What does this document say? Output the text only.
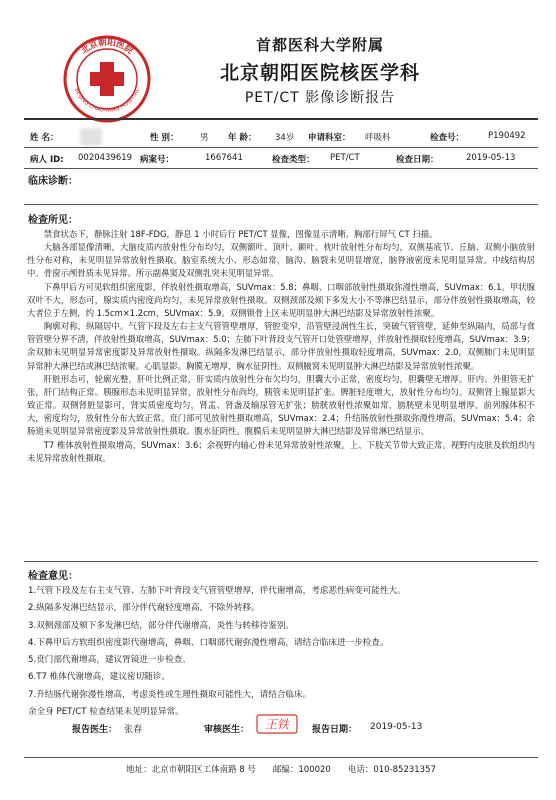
北京朝阳医院
BEIJING CHAO-YANG HOSPITAL
首都医科大学附属
北京朝阳医院核医学科
PET/CT 影像诊断报告
姓 名：	性 别：	男 年 龄： 34岁 申请科室： 呼吸科	检查号：	P190492
病人 ID: 0020439619 病案号：	1667641	检查类型： PET/CT	检查日期：	2019-05-13
临床诊断：
检查所见：

禁食状态下，静脉注射 18F-FDG，静息 1 小时后行 PET/CT 显像，图像显示清晰。胸部行屏气 CT 扫描。

大脑各部显像清晰，大脑皮质内放射性分布均匀，双侧额叶、顶叶、颞叶、枕叶放射性分布均匀，双侧基底节、丘脑、双侧小脑放射性分布对称，未见明显异常放射性摄取。脑室系统大小、形态如常，脑沟、脑裂未见明显增宽，脑脊液密度未见明显异常。中线结构居中。骨窗示颅骨质未见异常。所示副鼻窦及双侧乳突未见明显异常。

下鼻甲后方可见软组织密度影，伴放射性摄取增高，SUVmax：5.8；鼻咽、口咽部放射性摄取弥漫性增高，SUVmax：6.1。甲状腺双叶不大，形态可，腺实质内密度尚均匀，未见异常放射性摄取。双侧颈部及颏下多发大小不等淋巴结显示，部分伴放射性摄取增高，较大者位于左侧，约 1.5cm×1.2cm，SUVmax：5.9。双侧锁骨上区未见明显肿大淋巴结影及异常放射性浓聚。

胸廓对称，纵隔居中。气管下段及左右主支气管管壁增厚，管腔变窄，沿管壁浸润性生长，突破气管管壁，延伸至纵隔内，局部与食管管壁分界不清，伴放射性摄取增高，SUVmax：5.0；左肺下叶背段支气管开口处管壁增厚，伴放射性摄取轻度增高，SUVmax：3.9；余双肺未见明显异常密度影及异常放射性摄取。纵隔多发淋巴结显示，部分伴放射性摄取轻度增高，SUVmax：2.0。双侧肺门未见明显异常肿大淋巴结或淋巴结浓聚。心肌显影。胸膜无增厚，胸水征阴性。双侧腋窝未见明显肿大淋巴结影及异常放射性浓聚。

肝脏形态可，轮廓光整，肝叶比例正常，肝实质内放射性分布欠均匀，胆囊大小正常，密度均匀，胆囊壁无增厚。肝内、外胆管无扩张，肝门结构正常。胰腺形态未见明显异常，放射性分布尚均，胰管未见明显扩张。脾脏轻度增大，放射性分布均匀。双侧肾上腺显影大致正常。双侧肾脏显影可，肾实质密度均匀，肾盂、肾盏及输尿管无扩张；膀胱放射性浓聚如常，膀胱壁未见明显增厚。前列腺体积不大，密度均匀，放射性分布大致正常。贲门部可见放射性摄取增高，SUVmax：2.4；升结肠放射性摄取弥漫性增高，SUVmax：5.4；余肠道未见明显异常密度影及异常放射性摄取。腹水征阴性。腹膜后未见明显肿大淋巴结影及异常淋巴结显示。

T7 椎体放射性摄取增高，SUVmax：3.6；余视野内轴心骨未见异常放射性浓聚。上、下肢关节带大致正常。视野内皮肤及软组织内未见异常放射性摄取。

检查意见：
1.气管下段及左右主支气管、左肺下叶背段支气管管壁增厚，伴代谢增高，考虑恶性病变可能性大。
2.纵隔多发淋巴结显示，部分伴代谢轻度增高，不除外转移。
3.双侧颈部及颏下多发淋巴结，部分伴代谢增高，炎性与转移待鉴别。
4.下鼻甲后方软组织密度影代谢增高，鼻咽、口咽部代谢弥漫性增高，请结合临床进一步检查。
5.贲门部代谢增高，建议胃镜进一步检查。
6.T7 椎体代谢增高，建议密切随诊。
7.升结肠代谢弥漫性增高，考虑炎性或生理性摄取可能性大，请结合临床。
余全身 PET/CT 检查结果未见明显异常。
报告医生： 张春	审核医生： 王铁	报告日期： 2019-05-13
地址：北京市朝阳区工体南路 8 号　　邮编：100020　　电话：010-85231357
